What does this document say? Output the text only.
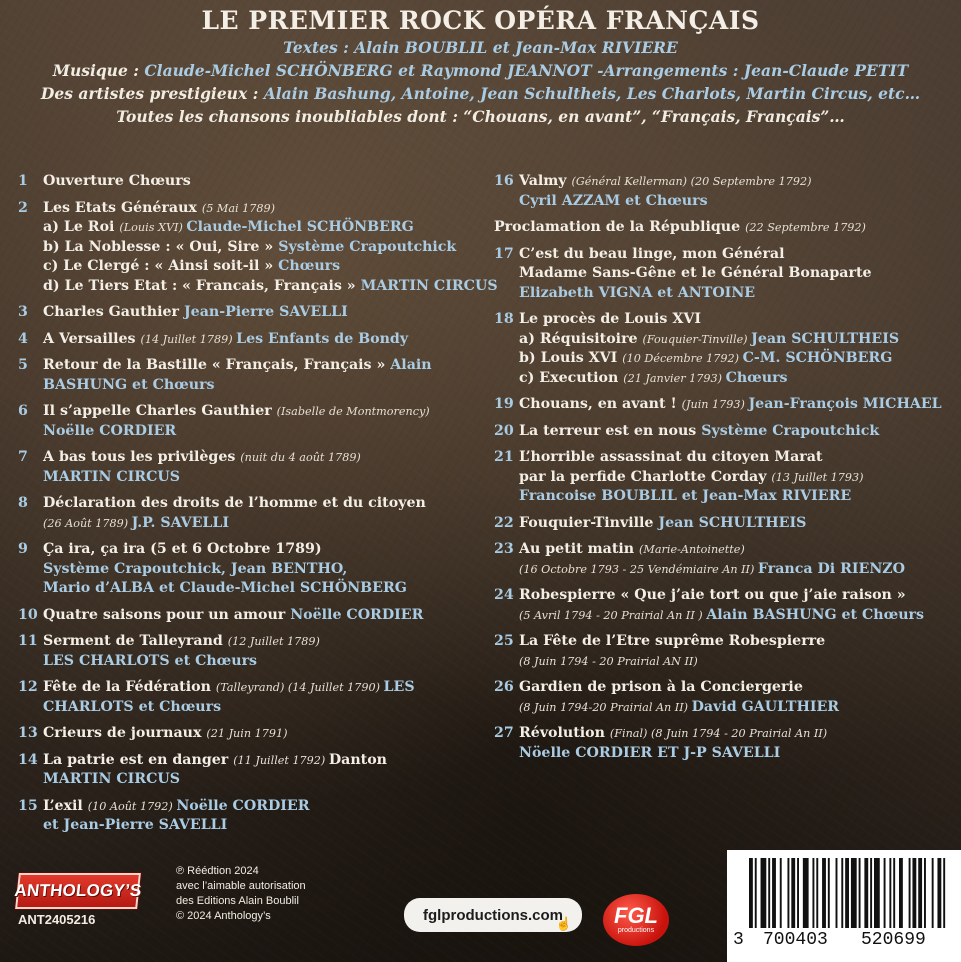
LE PREMIER ROCK OPÉRA FRANÇAIS
Textes : Alain BOUBLIL et Jean-Max RIVIERE
Musique : Claude-Michel SCHÖNBERG et Raymond JEANNOT -Arrangements : Jean-Claude PETIT
Des artistes prestigieux : Alain Bashung, Antoine, Jean Schultheis, Les Charlots, Martin Circus, etc…
Toutes les chansons inoubliables dont : “Chouans, en avant”, “Français, Français”…
1 Ouverture Chœurs
2 Les Etats Généraux (5 Mai 1789)
a) Le Roi (Louis XVI) Claude-Michel SCHÖNBERG
b) La Noblesse : « Oui, Sire » Système Crapoutchick
c) Le Clergé : « Ainsi soit-il » Chœurs
d) Le Tiers Etat : « Francais, Français » MARTIN CIRCUS
3 Charles Gauthier Jean-Pierre SAVELLI
4 A Versailles (14 Juillet 1789) Les Enfants de Bondy
5 Retour de la Bastille « Français, Français » Alain
BASHUNG et Chœurs
6 Il s’appelle Charles Gauthier (Isabelle de Montmorency)
Noëlle CORDIER
7 A bas tous les privilèges (nuit du 4 août 1789)
MARTIN CIRCUS
8 Déclaration des droits de l’homme et du citoyen
(26 Août 1789) J.P. SAVELLI
9 Ça ira, ça ira (5 et 6 Octobre 1789)
Système Crapoutchick, Jean BENTHO,
Mario d’ALBA et Claude-Michel SCHÖNBERG
10 Quatre saisons pour un amour Noëlle CORDIER
11 Serment de Talleyrand (12 Juillet 1789)
LES CHARLOTS et Chœurs
12 Fête de la Fédération (Talleyrand) (14 Juillet 1790) LES
CHARLOTS et Chœurs
13 Crieurs de journaux (21 Juin 1791)
14 La patrie est en danger (11 Juillet 1792) Danton
MARTIN CIRCUS
15 L’exil (10 Août 1792) Noëlle CORDIER
et Jean-Pierre SAVELLI
16 Valmy (Général Kellerman) (20 Septembre 1792)
Cyril AZZAM et Chœurs
Proclamation de la République (22 Septembre 1792)
17 C’est du beau linge, mon Général
Madame Sans-Gêne et le Général Bonaparte
Elizabeth VIGNA et ANTOINE
18 Le procès de Louis XVI
a) Réquisitoire (Fouquier-Tinville) Jean SCHULTHEIS
b) Louis XVI (10 Décembre 1792) C-M. SCHÖNBERG
c) Execution (21 Janvier 1793) Chœurs
19 Chouans, en avant ! (Juin 1793) Jean-François MICHAEL
20 La terreur est en nous Système Crapoutchick
21 L’horrible assassinat du citoyen Marat
par la perfide Charlotte Corday (13 Juillet 1793)
Francoise BOUBLIL et Jean-Max RIVIERE
22 Fouquier-Tinville Jean SCHULTHEIS
23 Au petit matin (Marie-Antoinette)
(16 Octobre 1793 - 25 Vendémiaire An II) Franca Di RIENZO
24 Robespierre « Que j’aie tort ou que j’aie raison »
(5 Avril 1794 - 20 Prairial An II ) Alain BASHUNG et Chœurs
25 La Fête de l’Etre suprême Robespierre
(8 Juin 1794 - 20 Prairial AN II)
26 Gardien de prison à la Conciergerie
(8 Juin 1794-20 Prairial An II) David GAULTHIER
27 Révolution (Final) (8 Juin 1794 - 20 Prairial An II)
Nöelle CORDIER ET J-P SAVELLI
ANTHOLOGY’S
ANT2405216
℗ Réédtion 2024
avec l’aimable autorisation
des Editions Alain Boublil
© 2024 Anthology’s	fglproductions.com
☝ FGL
productions	3 700403 520699
